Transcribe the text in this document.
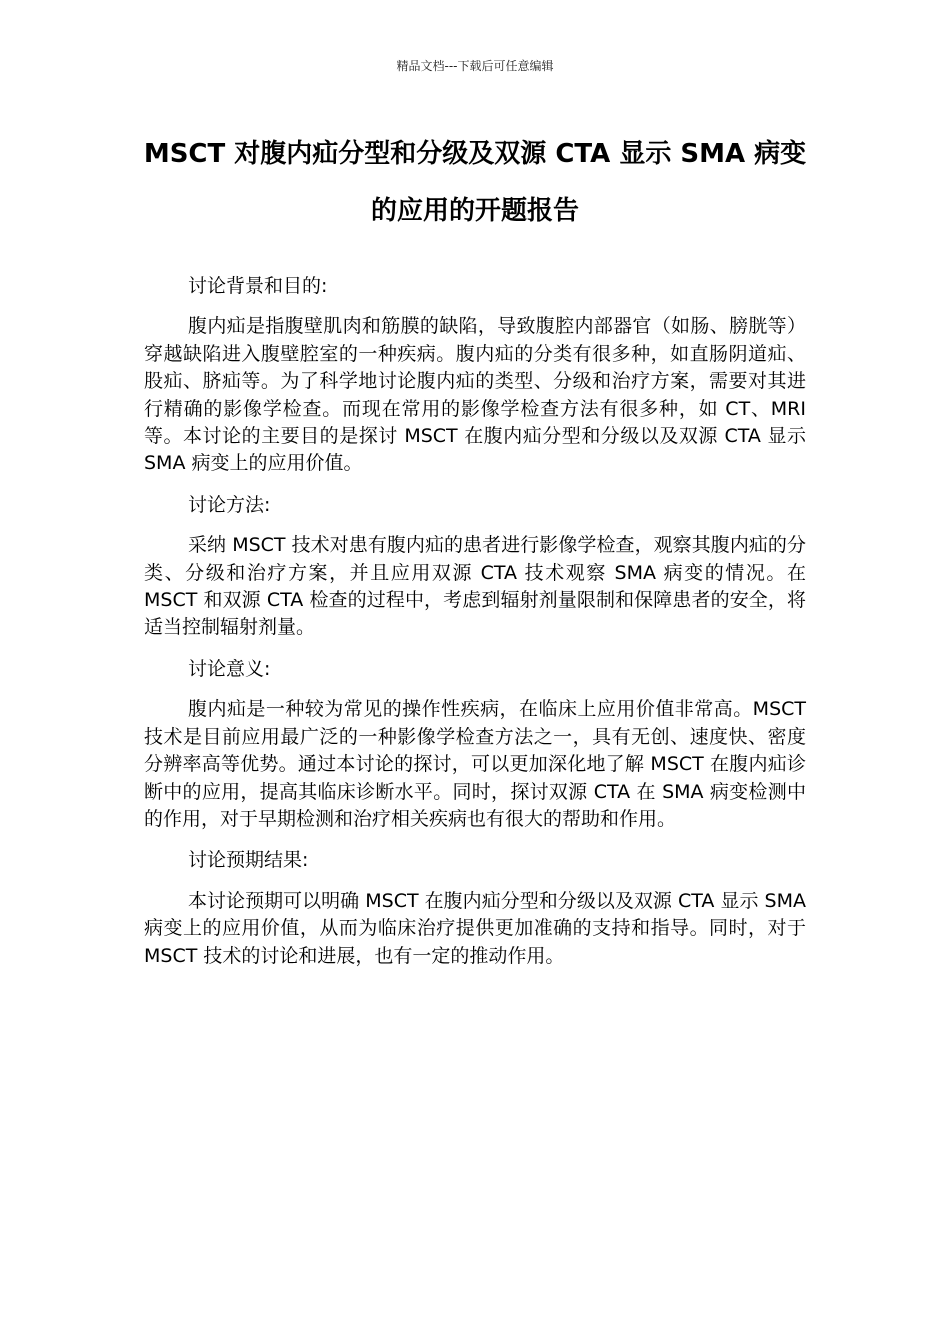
精品文档---下载后可任意编辑
MSCT 对腹内疝分型和分级及双源 CTA 显示 SMA 病变的应用的开题报告

讨论背景和目的:

腹内疝是指腹壁肌肉和筋膜的缺陷，导致腹腔内部器官（如肠、膀胱等）穿越缺陷进入腹壁腔室的一种疾病。腹内疝的分类有很多种，如直肠阴道疝、股疝、脐疝等。为了科学地讨论腹内疝的类型、分级和治疗方案，需要对其进行精确的影像学检查。而现在常用的影像学检查方法有很多种，如 CT、MRI 等。本讨论的主要目的是探讨 MSCT 在腹内疝分型和分级以及双源 CTA 显示 SMA 病变上的应用价值。

讨论方法:

采纳 MSCT 技术对患有腹内疝的患者进行影像学检查，观察其腹内疝的分类、分级和治疗方案，并且应用双源 CTA 技术观察 SMA 病变的情况。在 MSCT 和双源 CTA 检查的过程中，考虑到辐射剂量限制和保障患者的安全，将适当控制辐射剂量。

讨论意义:

腹内疝是一种较为常见的操作性疾病，在临床上应用价值非常高。MSCT 技术是目前应用最广泛的一种影像学检查方法之一，具有无创、速度快、密度分辨率高等优势。通过本讨论的探讨，可以更加深化地了解 MSCT 在腹内疝诊断中的应用，提高其临床诊断水平。同时，探讨双源 CTA 在 SMA 病变检测中的作用，对于早期检测和治疗相关疾病也有很大的帮助和作用。

讨论预期结果:

本讨论预期可以明确 MSCT 在腹内疝分型和分级以及双源 CTA 显示 SMA 病变上的应用价值，从而为临床治疗提供更加准确的支持和指导。同时，对于 MSCT 技术的讨论和进展，也有一定的推动作用。
